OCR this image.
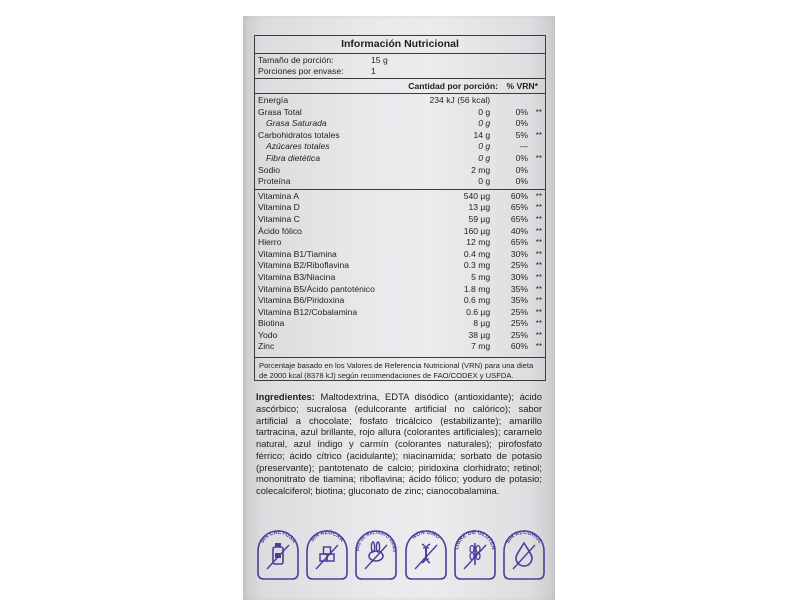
Información Nutricional
Tamaño de porción:	15 g
Porciones por envase:	1
Cantidad por porción: % VRN*
Energía	234 kJ (56 kcal)
Grasa Total	0 g	0% **
Grasa Saturada	0 g	0%
Carbohidratos totales	14 g	5% **
Azúcares totales	0 g	---
Fibra dietética	0 g	0% **
Sodio	2 mg	0%
Proteína	0 g	0%
Vitamina A	540 µg	60% **
Vitamina D	13 µg	65% **
Vitamina C	59 µg	65% **
Ácido fólico	160 µg	40% **
Hierro	12 mg	65% **
Vitamina B1/Tiamina	0.4 mg	30% **
Vitamina B2/Riboflavina	0.3 mg	25% **
Vitamina B3/Niacina	5 mg	30% **
Vitamina B5/Ácido pantoténico	1.8 mg	35% **
Vitamina B6/Piridoxina	0.6 mg	35% **
Vitamina B12/Cobalamina	0.6 µg	25% **
Biotina	8 µg	25% **
Yodo	38 µg	25% **
Zinc	7 mg	60% **
Porcentaje basado en los Valores de Referencia Nutricional (VRN) para una dieta de 2000 kcal (8378 kJ) según recomendaciones de FAO/CODEX y USFDA.
Ingredientes: Maltodextrina, EDTA disódico (antioxidante); ácido ascórbico; sucralosa (edulcorante artificial no calórico); sabor artificial a chocolate; fosfato tricálcico (estabilizante); amarillo tartracina, azul brillante, rojo allura (colorantes artificiales); caramelo natural, azul índigo y carmín (colorantes naturales); pirofosfato férrico; ácido cítrico (acidulante); niacinamida; sorbato de potasio (preservante); pantotenato de calcio; piridoxina clorhidrato; retinol; mononitrato de tiamina; riboflavina; ácido fólico; yoduro de potasio; colecalciferol; biotina; gluconato de zinc; cianocobalamina.
SIN LACTOSA SIN AZÚCAR
BRE DE MALTRATO ANIMA
NON GMO
LIBRE DE GLUTEN
SIN ALCOHOL
